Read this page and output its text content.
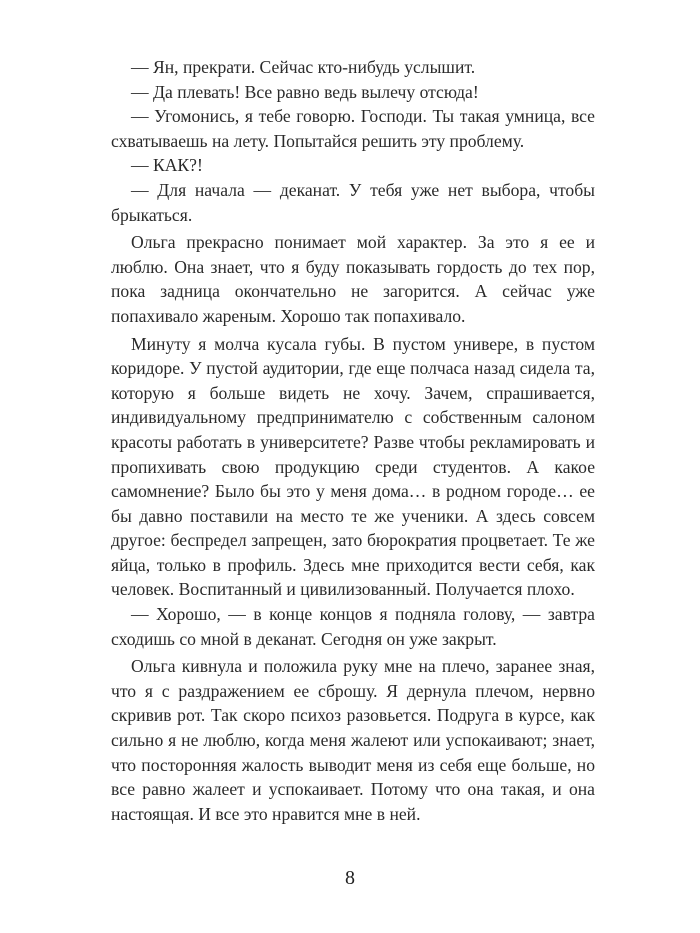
— Ян, прекрати. Сейчас кто-нибудь услышит.

— Да плевать! Все равно ведь вылечу отсюда!

— Угомонись, я тебе говорю. Господи. Ты такая умница, все схватываешь на лету. Попытайся решить эту проблему.

— КАК?!

— Для начала — деканат. У тебя уже нет выбора, чтобы брыкаться.

Ольга прекрасно понимает мой характер. За это я ее и люблю. Она знает, что я буду показывать гордость до тех пор, пока задница окончательно не загорится. А сейчас уже попахивало жареным. Хорошо так попахивало.

Минуту я молча кусала губы. В пустом универе, в пустом коридоре. У пустой аудитории, где еще полчаса назад сидела та, которую я больше видеть не хочу. Зачем, спрашивается, индивидуальному предпринимателю с собственным салоном красоты работать в университете? Разве чтобы рекламировать и пропихивать свою продукцию среди студентов. А какое самомнение? Было бы это у меня дома… в родном городе… ее бы давно поставили на место те же ученики. А здесь совсем другое: беспредел запрещен, зато бюрократия процветает. Те же яйца, только в профиль. Здесь мне приходится вести себя, как человек. Воспитанный и цивилизованный. Получается плохо.

— Хорошо, — в конце концов я подняла голову, — завтра сходишь со мной в деканат. Сегодня он уже закрыт.

Ольга кивнула и положила руку мне на плечо, заранее зная, что я с раздражением ее сброшу. Я дернула плечом, нервно скривив рот. Так скоро психоз разовьется. Подруга в курсе, как сильно я не люблю, когда меня жалеют или успокаивают; знает, что посторонняя жалость выводит меня из себя еще больше, но все равно жалеет и успокаивает. Потому что она такая, и она настоящая. И все это нравится мне в ней.

8
